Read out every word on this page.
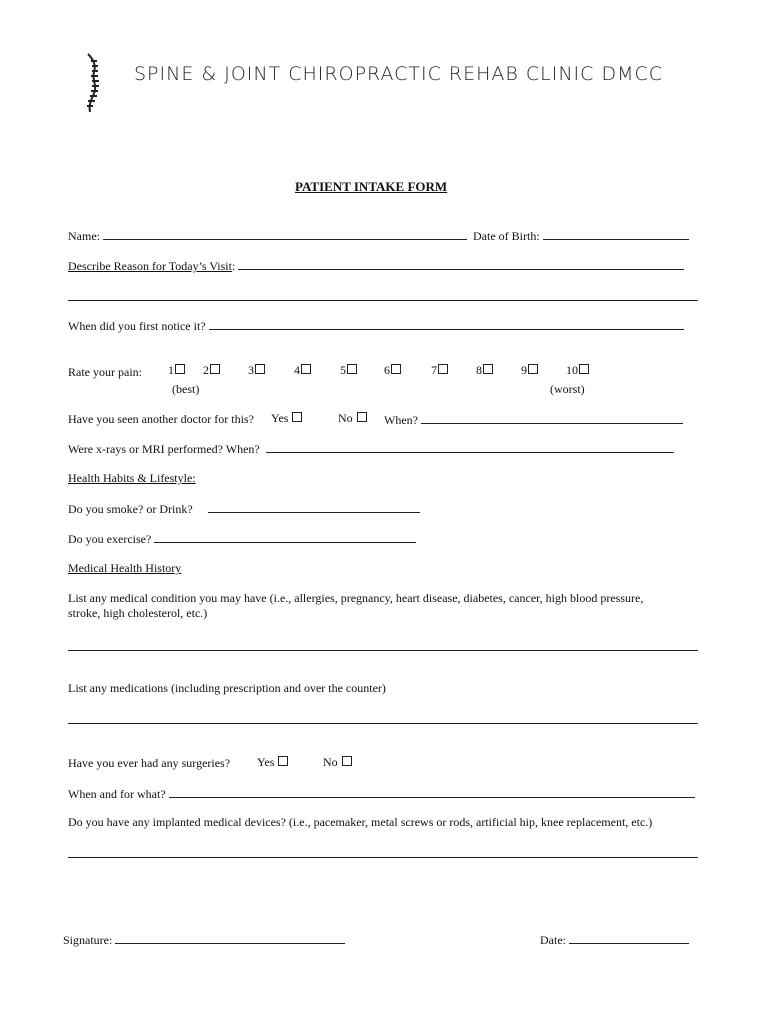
SPINE & JOINT CHIROPRACTIC REHAB CLINIC DMCC
PATIENT INTAKE FORM
Name:	Date of Birth:
Describe Reason for Today’s Visit:
When did you first notice it?
Rate your pain: 1	2	3	4	5	6	7	8	9	10
(best)	(worst)
Have you seen another doctor for this? Yes	No	When?
Were x-rays or MRI performed? When?
Health Habits & Lifestyle:
Do you smoke? or Drink?
Do you exercise?
Medical Health History
List any medical condition you may have (i.e., allergies, pregnancy, heart disease, diabetes, cancer, high blood pressure,
stroke, high cholesterol, etc.)
List any medications (including prescription and over the counter)
Have you ever had any surgeries? Yes	No
When and for what?
Do you have any implanted medical devices? (i.e., pacemaker, metal screws or rods, artificial hip, knee replacement, etc.)
Signature:	Date:
